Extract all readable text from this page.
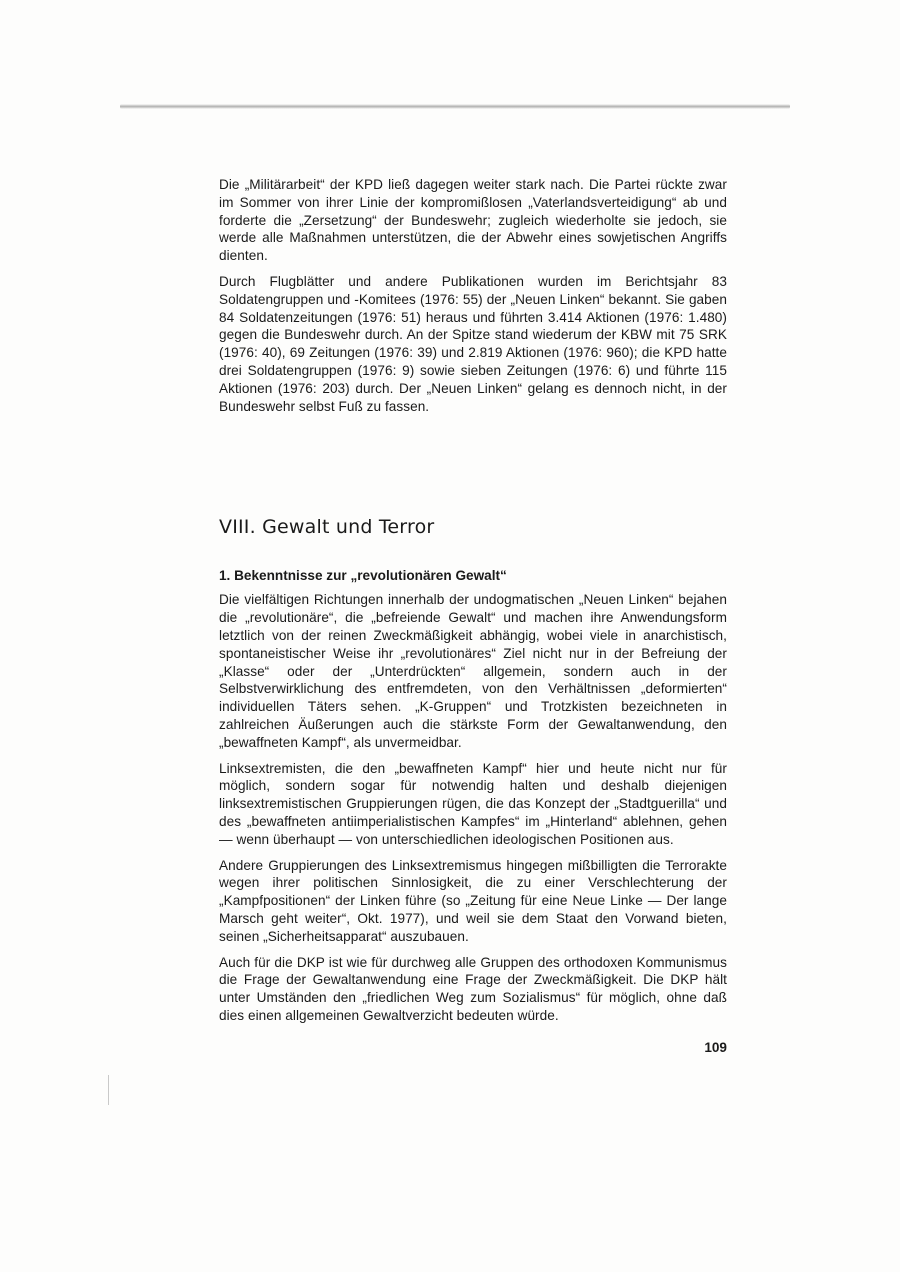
Die „Militärarbeit“ der KPD ließ dagegen weiter stark nach. Die Partei rückte zwar im Sommer von ihrer Linie der kompromißlosen „Vaterlandsverteidigung“ ab und forderte die „Zersetzung“ der Bundeswehr; zugleich wiederholte sie jedoch, sie werde alle Maßnahmen unterstützen, die der Abwehr eines sowjetischen Angriffs dienten.

Durch Flugblätter und andere Publikationen wurden im Berichtsjahr 83 Soldatengruppen und -Komitees (1976: 55) der „Neuen Linken“ bekannt. Sie gaben 84 Soldatenzeitungen (1976: 51) heraus und führten 3.414 Aktionen (1976: 1.480) gegen die Bundeswehr durch. An der Spitze stand wiederum der KBW mit 75 SRK (1976: 40), 69 Zeitungen (1976: 39) und 2.819 Aktionen (1976: 960); die KPD hatte drei Soldatengruppen (1976: 9) sowie sieben Zeitungen (1976: 6) und führte 115 Aktionen (1976: 203) durch. Der „Neuen Linken“ gelang es dennoch nicht, in der Bundeswehr selbst Fuß zu fassen.

VIII. Gewalt und Terror
1. Bekenntnisse zur „revolutionären Gewalt“

Die vielfältigen Richtungen innerhalb der undogmatischen „Neuen Linken“ bejahen die „revolutionäre“, die „befreiende Gewalt“ und machen ihre Anwendungsform letztlich von der reinen Zweckmäßigkeit abhängig, wobei viele in anarchistisch, spontaneistischer Weise ihr „revolutionäres“ Ziel nicht nur in der Befreiung der „Klasse“ oder der „Unterdrückten“ allgemein, sondern auch in der Selbstverwirklichung des entfremdeten, von den Verhältnissen „deformierten“ individuellen Täters sehen. „K-Gruppen“ und Trotzkisten bezeichneten in zahlreichen Äußerungen auch die stärkste Form der Gewaltanwendung, den „bewaffneten Kampf“, als unvermeidbar.

Linksextremisten, die den „bewaffneten Kampf“ hier und heute nicht nur für möglich, sondern sogar für notwendig halten und deshalb diejenigen linksextremistischen Gruppierungen rügen, die das Konzept der „Stadtguerilla“ und des „bewaffneten antiimperialistischen Kampfes“ im „Hinterland“ ablehnen, gehen — wenn überhaupt — von unterschiedlichen ideologischen Positionen aus.

Andere Gruppierungen des Linksextremismus hingegen mißbilligten die Terrorakte wegen ihrer politischen Sinnlosigkeit, die zu einer Verschlechterung der „Kampfpositionen“ der Linken führe (so „Zeitung für eine Neue Linke — Der lange Marsch geht weiter“, Okt. 1977), und weil sie dem Staat den Vorwand bieten, seinen „Sicherheitsapparat“ auszubauen.

Auch für die DKP ist wie für durchweg alle Gruppen des orthodoxen Kommunismus die Frage der Gewaltanwendung eine Frage der Zweckmäßigkeit. Die DKP hält unter Umständen den „friedlichen Weg zum Sozialismus“ für möglich, ohne daß dies einen allgemeinen Gewaltverzicht bedeuten würde.

109
